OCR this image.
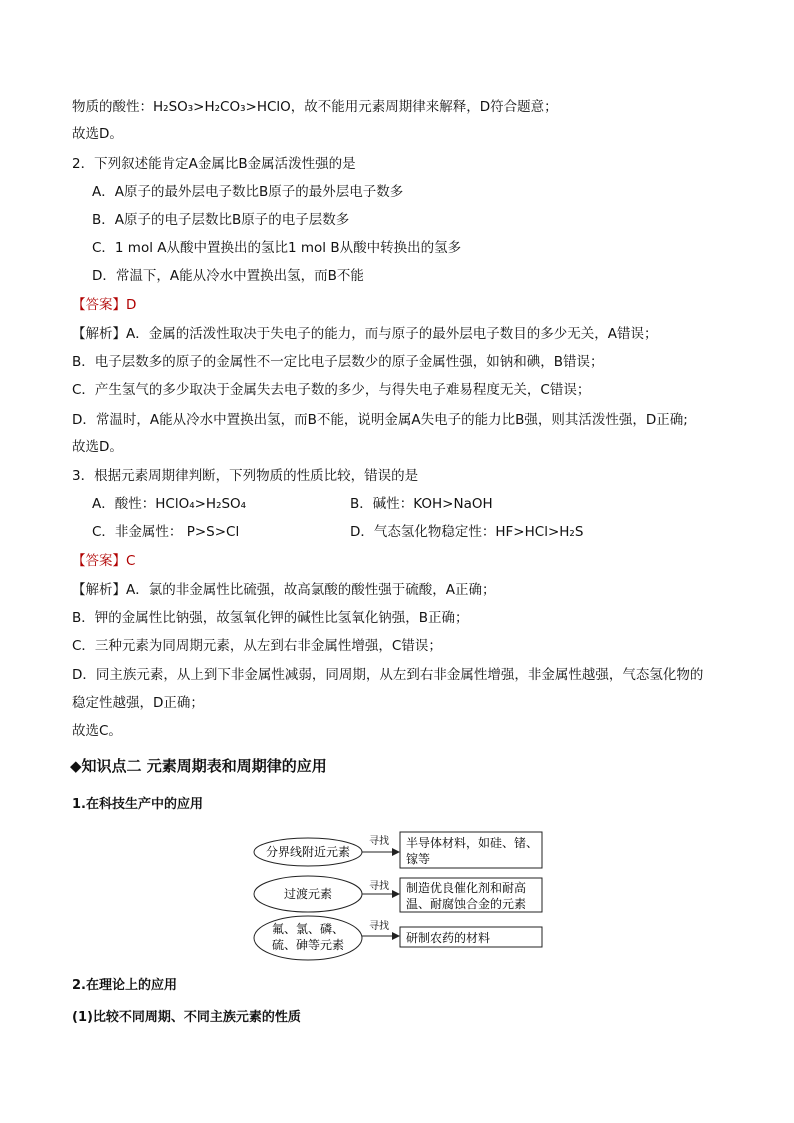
物质的酸性：H₂SO₃>H₂CO₃>HClO，故不能用元素周期律来解释，D符合题意；
故选D。
2．下列叙述能肯定A金属比B金属活泼性强的是
A．A原子的最外层电子数比B原子的最外层电子数多
B．A原子的电子层数比B原子的电子层数多
C．1 mol A从酸中置换出的氢比1 mol B从酸中转换出的氢多
D．常温下，A能从冷水中置换出氢，而B不能
【答案】D
【解析】A．金属的活泼性取决于失电子的能力，而与原子的最外层电子数目的多少无关，A错误；
B．电子层数多的原子的金属性不一定比电子层数少的原子金属性强，如钠和碘，B错误；
C．产生氢气的多少取决于金属失去电子数的多少，与得失电子难易程度无关，C错误；
D．常温时，A能从冷水中置换出氢，而B不能，说明金属A失电子的能力比B强，则其活泼性强，D正确;
故选D。
3．根据元素周期律判断，下列物质的性质比较，错误的是
A．酸性：HClO₄>H₂SO₄	B．碱性：KOH>NaOH
C．非金属性： P>S>Cl	D．气态氢化物稳定性：HF>HCl>H₂S
【答案】C
【解析】A．氯的非金属性比硫强，故高氯酸的酸性强于硫酸，A正确；
B．钾的金属性比钠强，故氢氧化钾的碱性比氢氧化钠强，B正确；
C．三种元素为同周期元素，从左到右非金属性增强，C错误；
D．同主族元素，从上到下非金属性减弱，同周期，从左到右非金属性增强，非金属性越强，气态氢化物的
稳定性越强，D正确；
故选C。
◆知识点二 元素周期表和周期律的应用
1.在科技生产中的应用
分界线附近元素
过渡元素
氟、氯、磷、
硫、砷等元素
寻找
寻找
寻找
半导体材料，如硅、锗、
镓等
制造优良催化剂和耐高
温、耐腐蚀合金的元素
研制农药的材料
2.在理论上的应用
(1)比较不同周期、不同主族元素的性质
